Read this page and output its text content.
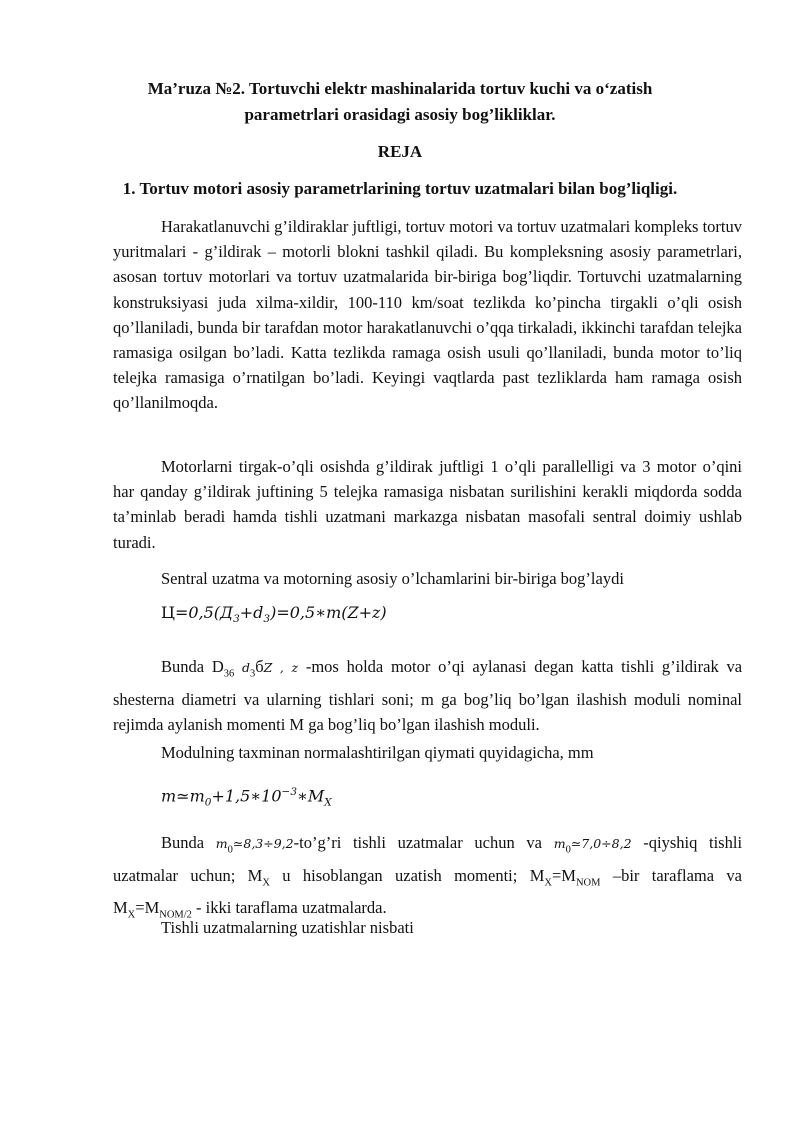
Ma’ruza №2. Tortuvchi elektr mashinalarida tortuv kuchi va o‘zatish parametrlari orasidagi asosiy bog’likliklar.
REJA
1. Tortuv motori asosiy parametrlarining tortuv uzatmalari bilan bog’liqligi.
Harakatlanuvchi g’ildiraklar juftligi, tortuv motori va tortuv uzatmalari kompleks tortuv yuritmalari - g’ildirak – motorli blokni tashkil qiladi. Bu kompleksning asosiy parametrlari, asosan tortuv motorlari va tortuv uzatmalarida bir-biriga bog’liqdir. Tortuvchi uzatmalarning konstruksiyasi juda xilma-xildir, 100-110 km/soat tezlikda ko’pincha tirgakli o’qli osish qo’llaniladi, bunda bir tarafdan motor harakatlanuvchi o’qqa tirkaladi, ikkinchi tarafdan telejka ramasiga osilgan bo’ladi. Katta tezlikda ramaga osish usuli qo’llaniladi, bunda motor to’liq telejka ramasiga o’rnatilgan bo’ladi. Keyingi vaqtlarda past tezliklarda ham ramaga osish qo’llanilmoqda.
Motorlarni tirgak-o’qli osishda g’ildirak juftligi 1 o’qli parallelligi va 3 motor o’qini har qanday g’ildirak juftining 5 telejka ramasiga nisbatan surilishini kerakli miqdorda sodda ta’minlab beradi hamda tishli uzatmani markazga nisbatan masofali sentral doimiy ushlab turadi.
Sentral uzatma va motorning asosiy o’lchamlarini bir-biriga bog’laydi
$Ц=0,5(Д_3+d_3)=0,5∗m(Z+z)$
Bunda $D_{36}$ $d_3бZ$ , z -mos holda motor o’qi aylanasi degan katta tishli g’ildirak va shesterna diametri va ularning tishlari soni; m ga bog’liq bo’lgan ilashish moduli nominal rejimda aylanish momenti M ga bog’liq bo’lgan ilashish moduli.
Modulning taxminan normalashtirilgan qiymati quyidagicha, mm
$m≃m_0+1,5∗10^{-3}∗M_X$
Bunda $m_0≃8,3\div 9,2-to’g’ri$ tishli uzatmalar uchun va $m_0≃7,0\div 8,2$ -qiyshiq tishli uzatmalar uchun; $M_X$ u hisoblangan uzatish momenti; $M_X=M_{NOM}$ –bir taraflama va $M_X=M_{NOM/2}$ - ikki taraflama uzatmalarda.
Tishli uzatmalarning uzatishlar nisbati
